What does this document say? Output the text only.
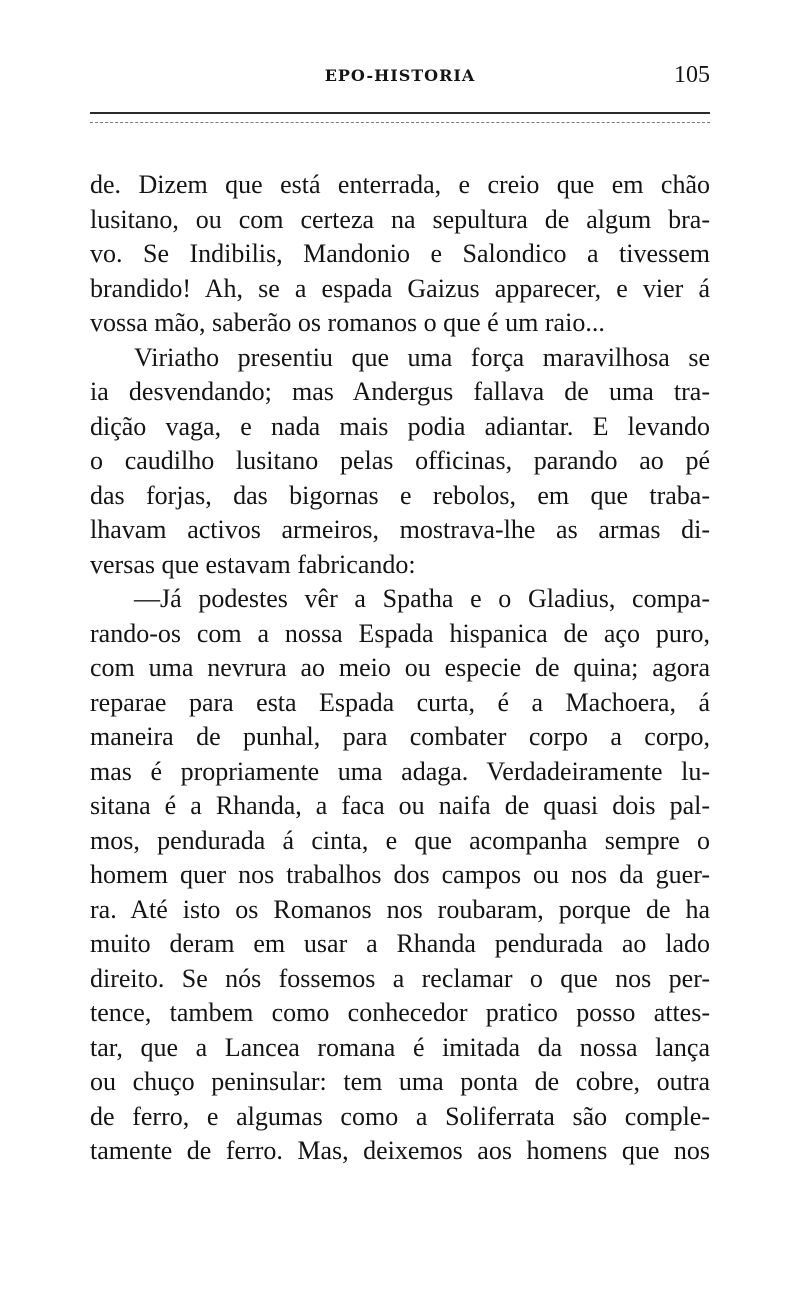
EPO-HISTORIA	105
de. Dizem que está enterrada, e creio que em chão
lusitano, ou com certeza na sepultura de algum bra-
vo. Se Indibilis, Mandonio e Salondico a tivessem
brandido! Ah, se a espada Gaizus apparecer, e vier á
vossa mão, saberão os romanos o que é um raio...
Viriatho presentiu que uma força maravilhosa se
ia desvendando; mas Andergus fallava de uma tra-
dição vaga, e nada mais podia adiantar. E levando
o caudilho lusitano pelas officinas, parando ao pé
das forjas, das bigornas e rebolos, em que traba-
lhavam activos armeiros, mostrava-lhe as armas di-
versas que estavam fabricando:
—Já podestes vêr a Spatha e o Gladius, compa-
rando-os com a nossa Espada hispanica de aço puro,
com uma nevrura ao meio ou especie de quina; agora
reparae para esta Espada curta, é a Machoera, á
maneira de punhal, para combater corpo a corpo,
mas é propriamente uma adaga. Verdadeiramente lu-
sitana é a Rhanda, a faca ou naifa de quasi dois pal-
mos, pendurada á cinta, e que acompanha sempre o
homem quer nos trabalhos dos campos ou nos da guer-
ra. Até isto os Romanos nos roubaram, porque de ha
muito deram em usar a Rhanda pendurada ao lado
direito. Se nós fossemos a reclamar o que nos per-
tence, tambem como conhecedor pratico posso attes-
tar, que a Lancea romana é imitada da nossa lança
ou chuço peninsular: tem uma ponta de cobre, outra
de ferro, e algumas como a Soliferrata são comple-
tamente de ferro. Mas, deixemos aos homens que nos
